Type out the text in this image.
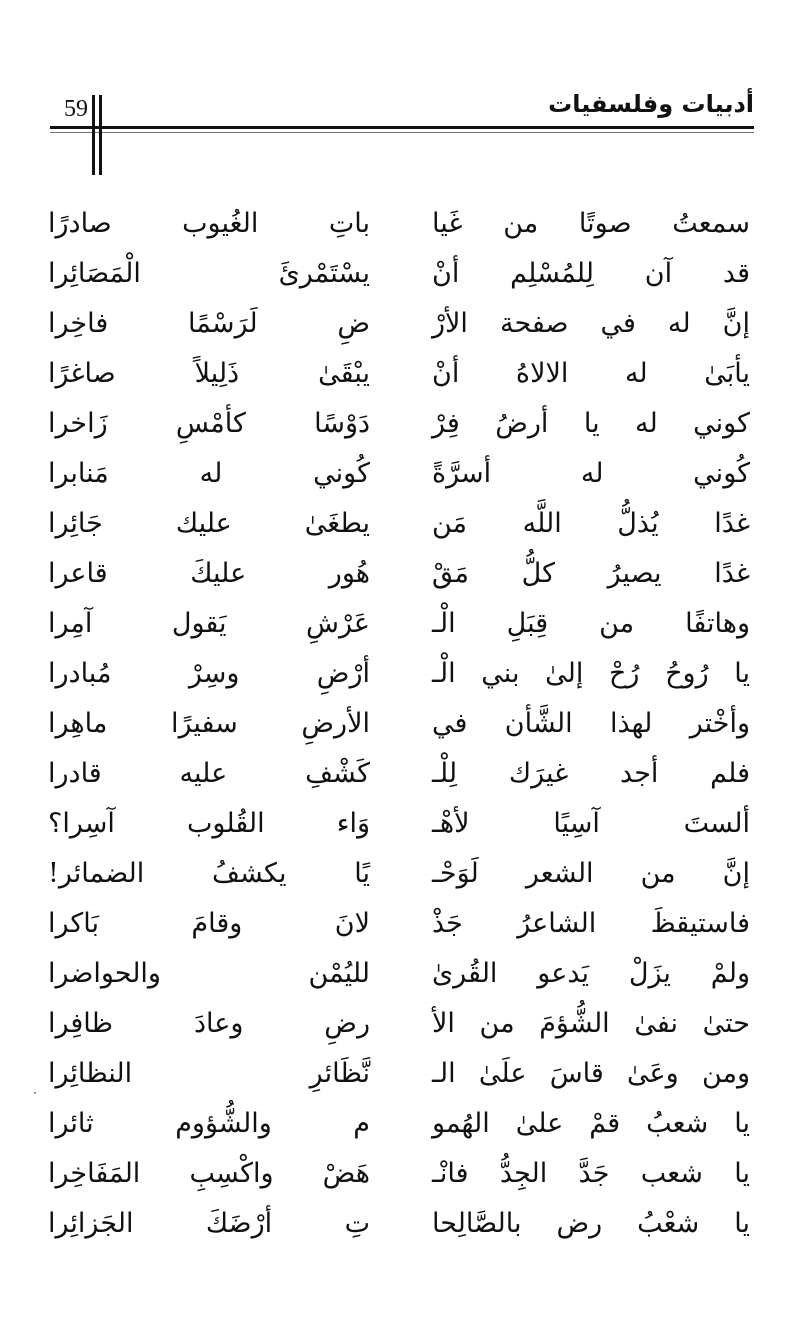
59	أدبيات وفلسفيات
سمعتُ صوتًا من غَيا
باتِ الغُيوب صادرًا
قد آن لِلمُسْلِم أنْ
يسْتَمْرئَ الْمَصَائِرا
إنَّ له في صفحة الأرْ
ضِ لَرَسْمًا فاخِرا
يأبَىٰ له الالاهُ أنْ
يبْقَىٰ ذَلِيلاً صاغرًا
كوني له يا أرضُ فِرْ
دَوْسًا كأمْسِ زَاخرا
كُوني له أسرَّةً
كُوني له مَنابرا
غدًا يُذلُّ اللَّه مَن
يطغَىٰ عليك جَائِرا
غدًا يصيرُ كلُّ مَقْ
هُور عليكَ قاعرا
وهاتفًا من قِبَلِ الْـ
عَرْشِ يَقول آمِرا
يا رُوحُ رُحْ إلىٰ بني الْـ
أرْضِ وسِرْ مُبادرا
وأخْتر لهذا الشَّأن في
الأرضِ سفيرًا ماهِرا
فلم أجد غيرَك لِلْـ
كَشْفِ عليه قادرا
ألستَ آسِيًا لأهْـ
وَاء القُلوب آسِرا؟
إنَّ من الشعر لَوَحْـ
يًا يكشفُ الضمائر!
فاستيقظَ الشاعرُ جَذْ
لانَ وقامَ بَاكرا
ولمْ يزَلْ يَدعو القُرىٰ
لليُمْن والحواضرا
حتىٰ نفىٰ الشُّؤمَ من الأ
رضِ وعادَ ظافِرا
ومن وعَىٰ قاسَ علَىٰ الـ
نَّظَائرِ النظائِرا
يا شعبُ قمْ علىٰ الهُمو
م والشُّؤوم ثائرا
يا شعب جَدَّ الجِدُّ فانْـ
هَضْ واكْسِبِ المَفَاخِرا
يا شعْبُ رض بالصَّالِحا
تِ أرْضَكَ الجَزائِرا
